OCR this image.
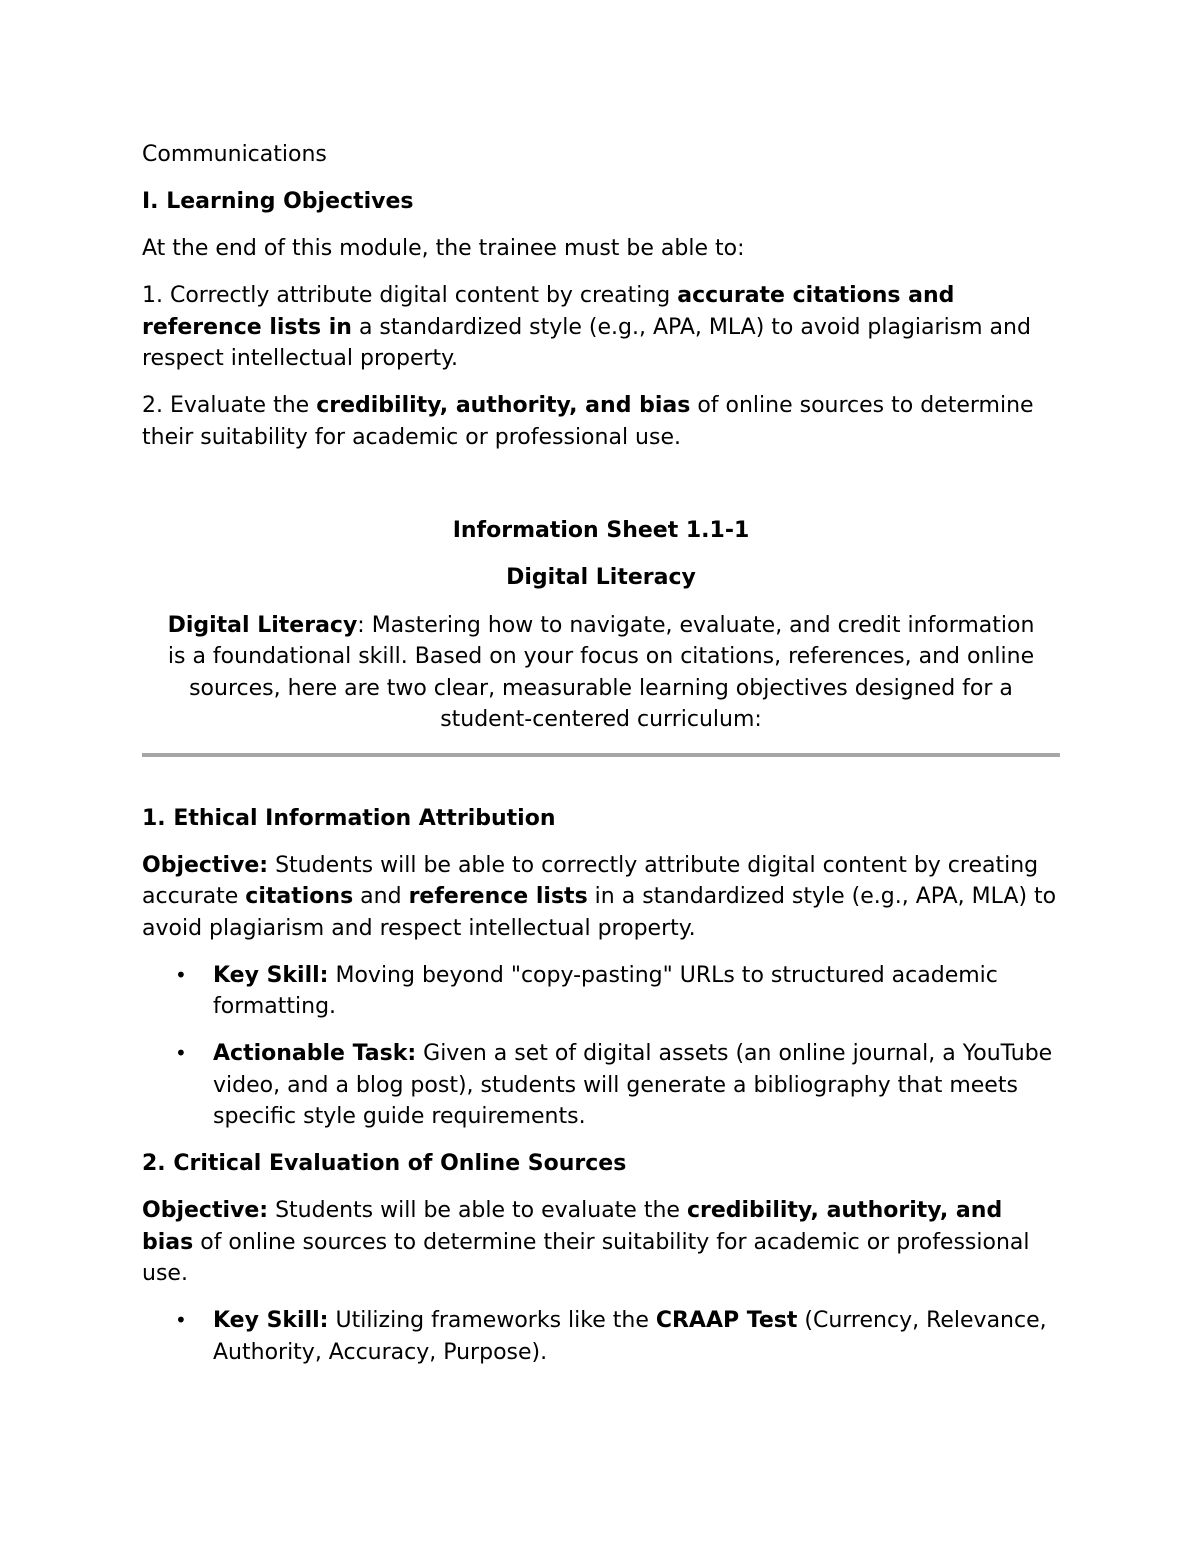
Communications

I. Learning Objectives

At the end of this module, the trainee must be able to:

1. Correctly attribute digital content by creating accurate citations and reference lists in a standardized style (e.g., APA, MLA) to avoid plagiarism and respect intellectual property.

2. Evaluate the credibility, authority, and bias of online sources to determine their suitability for academic or professional use.

Information Sheet 1.1-1

Digital Literacy

Digital Literacy: Mastering how to navigate, evaluate, and credit information is a foundational skill. Based on your focus on citations, references, and online sources, here are two clear, measurable learning objectives designed for a student-centered curriculum:

1. Ethical Information Attribution

Objective: Students will be able to correctly attribute digital content by creating accurate citations and reference lists in a standardized style (e.g., APA, MLA) to avoid plagiarism and respect intellectual property.

• Key Skill: Moving beyond "copy-pasting" URLs to structured academic formatting.
• Actionable Task: Given a set of digital assets (an online journal, a YouTube video, and a blog post), students will generate a bibliography that meets specific style guide requirements.

2. Critical Evaluation of Online Sources

Objective: Students will be able to evaluate the credibility, authority, and bias of online sources to determine their suitability for academic or professional use.

• Key Skill: Utilizing frameworks like the CRAAP Test (Currency, Relevance, Authority, Accuracy, Purpose).
